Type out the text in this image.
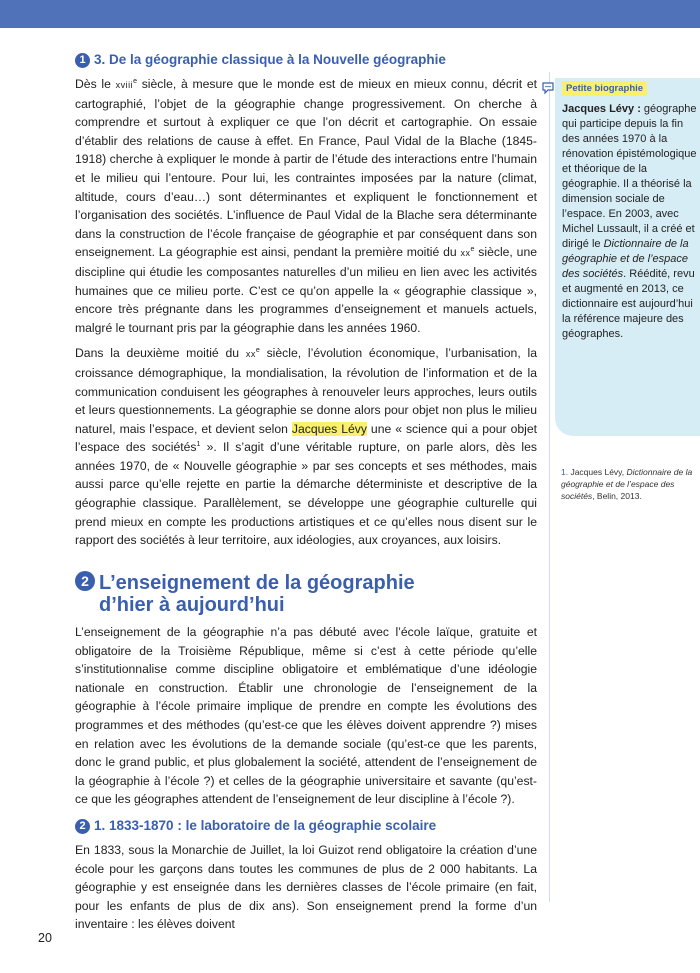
1 3. De la géographie classique à la Nouvelle géographie

Dès le xviii$^e$ siècle, à mesure que le monde est de mieux en mieux connu, décrit et cartographié, l’objet de la géographie change progressivement. On cherche à comprendre et surtout à expliquer ce que l’on décrit et cartographie. On essaie d’établir des relations de cause à effet. En France, Paul Vidal de la Blache (1845-1918) cherche à expliquer le monde à partir de l’étude des interactions entre l’humain et le milieu qui l’entoure. Pour lui, les contraintes imposées par la nature (climat, altitude, cours d’eau…) sont déterminantes et expliquent le fonctionnement et l’organisation des sociétés. L’influence de Paul Vidal de la Blache sera déterminante dans la construction de l’école française de géographie et par conséquent dans son enseignement. La géographie est ainsi, pendant la première moitié du $xx^e$ siècle, une discipline qui étudie les composantes naturelles d’un milieu en lien avec les activités humaines que ce milieu porte. C’est ce qu’on appelle la « géographie classique », encore très prégnante dans les programmes d’enseignement et manuels actuels, malgré le tournant pris par la géographie dans les années 1960.

Dans la deuxième moitié du $xx^e$ siècle, l’évolution économique, l’urbanisation, la croissance démographique, la mondialisation, la révolution de l’information et de la communication conduisent les géographes à renouveler leurs approches, leurs outils et leurs questionnements. La géographie se donne alors pour objet non plus le milieu naturel, mais l’espace, et devient selon Jacques Lévy une « science qui a pour objet l’espace des sociétés$^1$ ». Il s’agit d’une véritable rupture, on parle alors, dès les années 1970, de « Nouvelle géographie » par ses concepts et ses méthodes, mais aussi parce qu’elle rejette en partie la démarche déterministe et descriptive de la géographie classique. Parallèlement, se développe une géographie culturelle qui prend mieux en compte les productions artistiques et ce qu’elles nous disent sur le rapport des sociétés à leur territoire, aux idéologies, aux croyances, aux loisirs.

2 L’enseignement de la géographie
d’hier à aujourd’hui

L’enseignement de la géographie n’a pas débuté avec l’école laïque, gratuite et obligatoire de la Troisième République, même si c’est à cette période qu’elle s’institutionnalise comme discipline obligatoire et emblématique d’une idéologie nationale en construction. Établir une chronologie de l’enseignement de la géographie à l’école primaire implique de prendre en compte les évolutions des programmes et des méthodes (qu’est-ce que les élèves doivent apprendre ?) mises en relation avec les évolutions de la demande sociale (qu’est-ce que les parents, donc le grand public, et plus globalement la société, attendent de l’enseignement de la géographie à l’école ?) et celles de la géographie universitaire et savante (qu’est-ce que les géographes attendent de l’enseignement de leur discipline à l’école ?).

2 1. 1833-1870 : le laboratoire de la géographie scolaire

En 1833, sous la Monarchie de Juillet, la loi Guizot rend obligatoire la création d’une école pour les garçons dans toutes les communes de plus de 2 000 habitants. La géographie y est enseignée dans les dernières classes de l’école primaire (en fait, pour les enfants de plus de dix ans). Son enseignement prend la forme d’un inventaire : les élèves doivent

Petite biographie
Jacques Lévy : géographe qui participe depuis la fin des années 1970 à la rénovation épistémologique et théorique de la géographie. Il a théorisé la dimension sociale de l’espace. En 2003, avec Michel Lussault, il a créé et dirigé le Dictionnaire de la géographie et de l’espace des sociétés. Réédité, revu et augmenté en 2013, ce dictionnaire est aujourd’hui la référence majeure des géographes.
1. Jacques Lévy, Dictionnaire de la géographie et de l’espace des sociétés, Belin, 2013.
20
